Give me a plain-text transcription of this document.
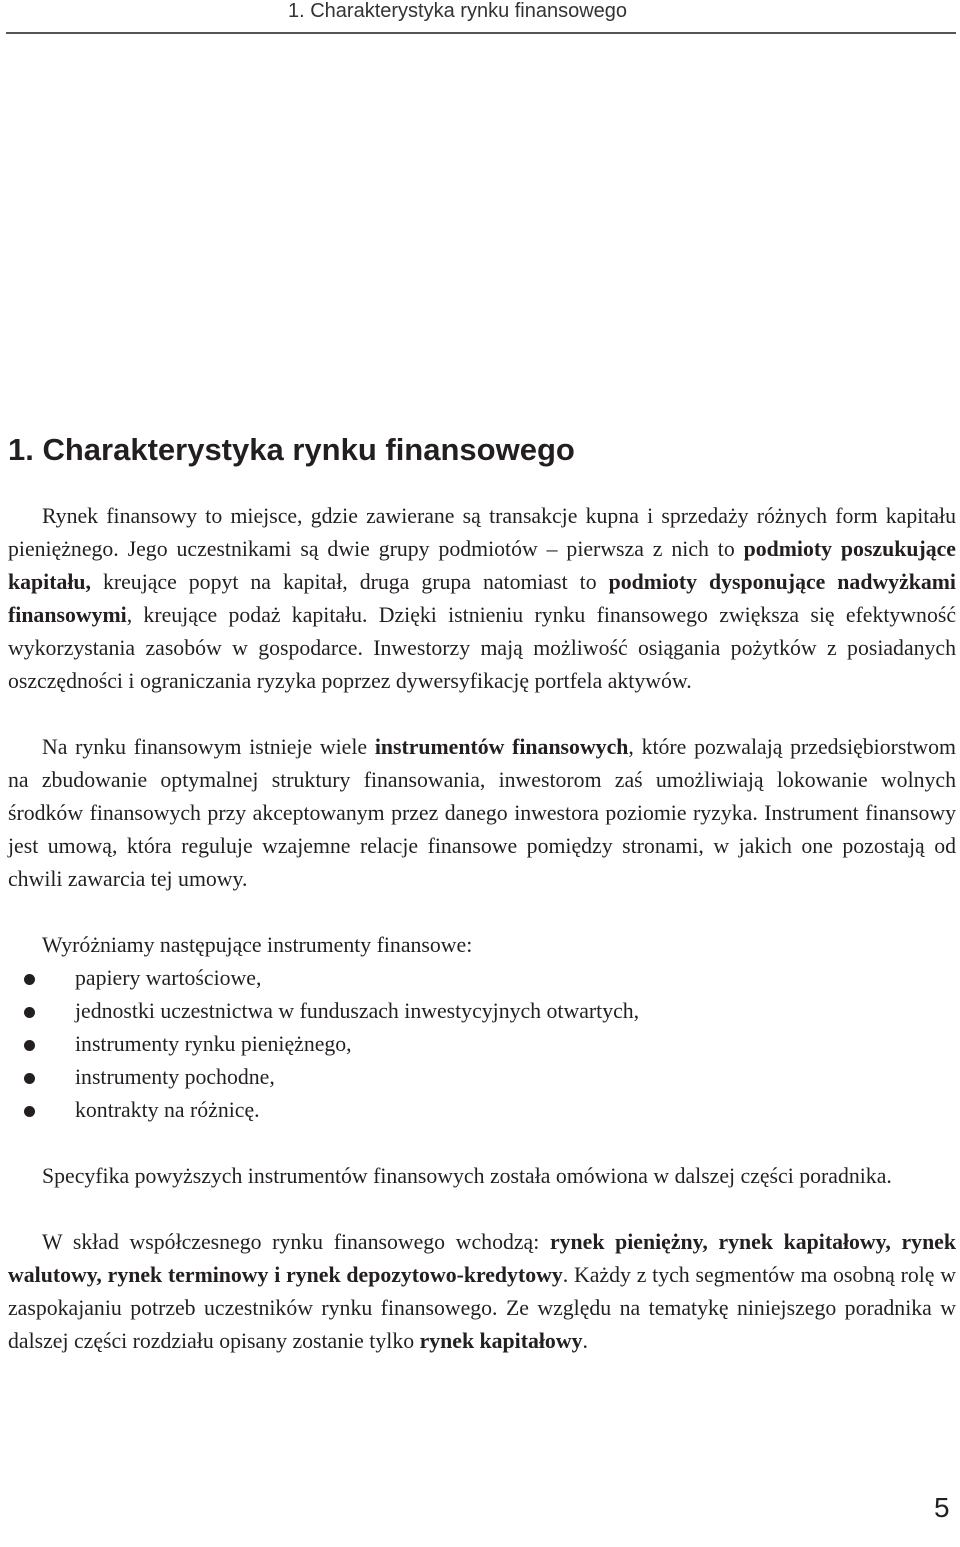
1. Charakterystyka rynku finansowego
1. Charakterystyka rynku finansowego

Rynek finansowy to miejsce, gdzie zawierane są transakcje kupna i sprzedaży różnych form kapitału pieniężnego. Jego uczestnikami są dwie grupy podmiotów – pierwsza z nich to podmioty poszukujące kapitału, kreujące popyt na kapitał, druga grupa natomiast to podmioty dysponujące nadwyżkami finansowymi, kreujące podaż kapitału. Dzięki istnieniu rynku finansowego zwiększa się efektywność wykorzystania zasobów w gospodarce. Inwestorzy mają możliwość osiągania pożytków z posiadanych oszczędności i ograniczania ryzyka poprzez dywersyfikację portfela aktywów.

Na rynku finansowym istnieje wiele instrumentów finansowych, które pozwalają przedsiębiorstwom na zbudowanie optymalnej struktury finansowania, inwestorom zaś umożliwiają lokowanie wolnych środków finansowych przy akceptowanym przez danego inwestora poziomie ryzyka. Instrument finansowy jest umową, która reguluje wzajemne relacje finansowe pomiędzy stronami, w jakich one pozostają od chwili zawarcia tej umowy.

Wyróżniamy następujące instrumenty finansowe:

papiery wartościowe,
jednostki uczestnictwa w funduszach inwestycyjnych otwartych,
instrumenty rynku pieniężnego,
instrumenty pochodne,
kontrakty na różnicę.

Specyfika powyższych instrumentów finansowych została omówiona w dalszej części poradnika.

W skład współczesnego rynku finansowego wchodzą: rynek pieniężny, rynek kapitałowy, rynek walutowy, rynek terminowy i rynek depozytowo-kredytowy. Każdy z tych segmentów ma osobną rolę w zaspokajaniu potrzeb uczestników rynku finansowego. Ze względu na tematykę niniejszego poradnika w dalszej części rozdziału opisany zostanie tylko rynek kapitałowy.

5
